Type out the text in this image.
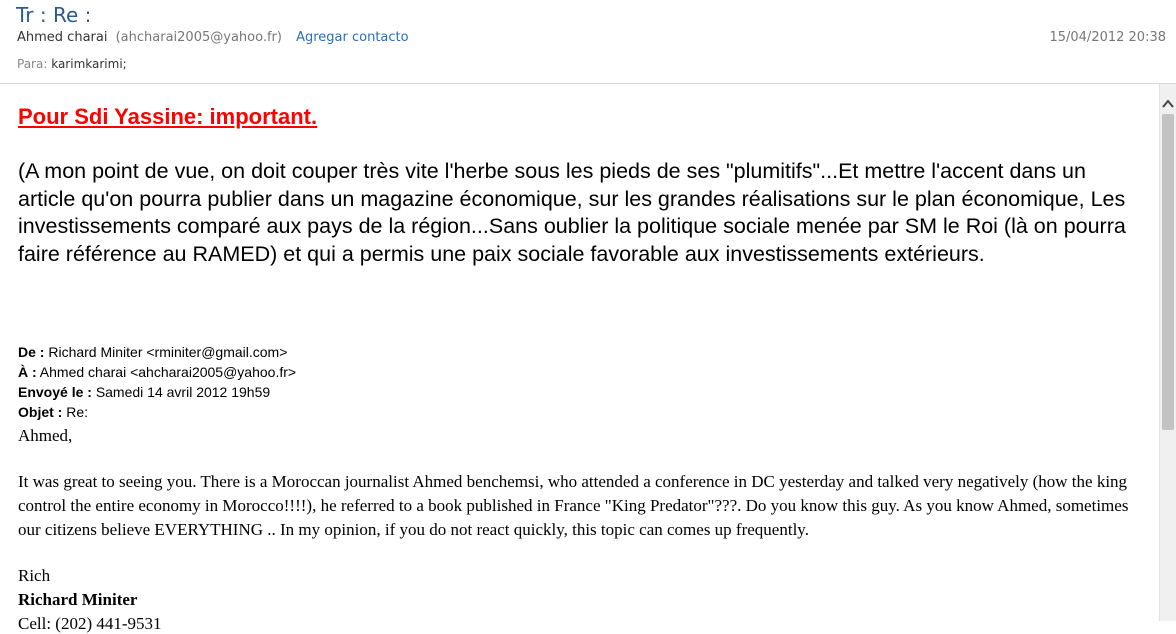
Tr : Re :
Ahmed charai (ahcharai2005@yahoo.fr) Agregar contacto	15/04/2012 20:38
Para: karimkarimi;
Pour Sdi Yassine: important.
(A mon point de vue, on doit couper très vite l'herbe sous les pieds de ses "plumitifs"...Et mettre l'accent dans un article qu'on pourra publier dans un magazine économique, sur les grandes réalisations sur le plan économique, Les investissements comparé aux pays de la région...Sans oublier la politique sociale menée par SM le Roi (là on pourra faire référence au RAMED) et qui a permis une paix sociale favorable aux investissements extérieurs.
De : Richard Miniter <rminiter@gmail.com>
À : Ahmed charai <ahcharai2005@yahoo.fr>
Envoyé le : Samedi 14 avril 2012 19h59
Objet : Re:
Ahmed,
It was great to seeing you. There is a Moroccan journalist Ahmed benchemsi, who attended a conference in DC yesterday and talked very negatively (how the king control the entire economy in Morocco!!!!), he referred to a book published in France "King Predator"???. Do you know this guy. As you know Ahmed, sometimes our citizens believe EVERYTHING .. In my opinion, if you do not react quickly, this topic can comes up frequently.
Rich
Richard Miniter
Cell: (202) 441-9531
